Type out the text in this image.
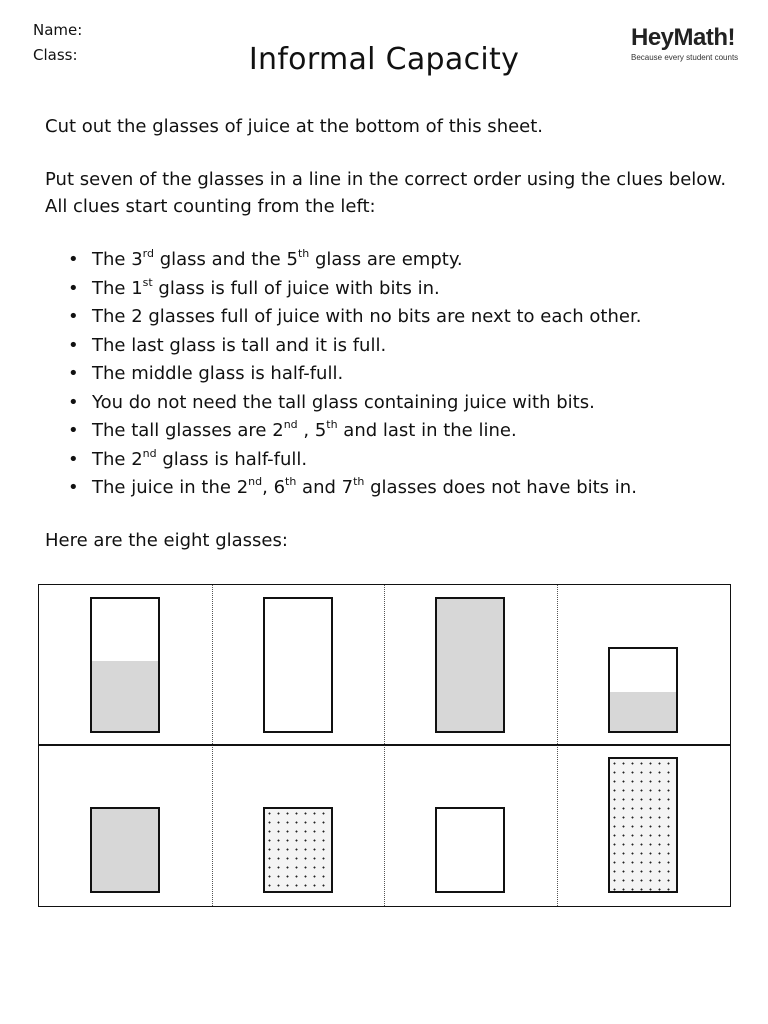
Name:
Class:	Informal Capacity
HeyMath!
Because every student counts
Cut out the glasses of juice at the bottom of this sheet.
Put seven of the glasses in a line in the correct order using the clues below.
All clues start counting from the left:
• The 3rd glass and the 5th glass are empty.
• The 1st glass is full of juice with bits in.
• The 2 glasses full of juice with no bits are next to each other.
• The last glass is tall and it is full.
• The middle glass is half-full.
• You do not need the tall glass containing juice with bits.
• The tall glasses are 2nd , 5th and last in the line.
• The 2nd glass is half-full.
• The juice in the 2nd, 6th and 7th glasses does not have bits in.
Here are the eight glasses:
